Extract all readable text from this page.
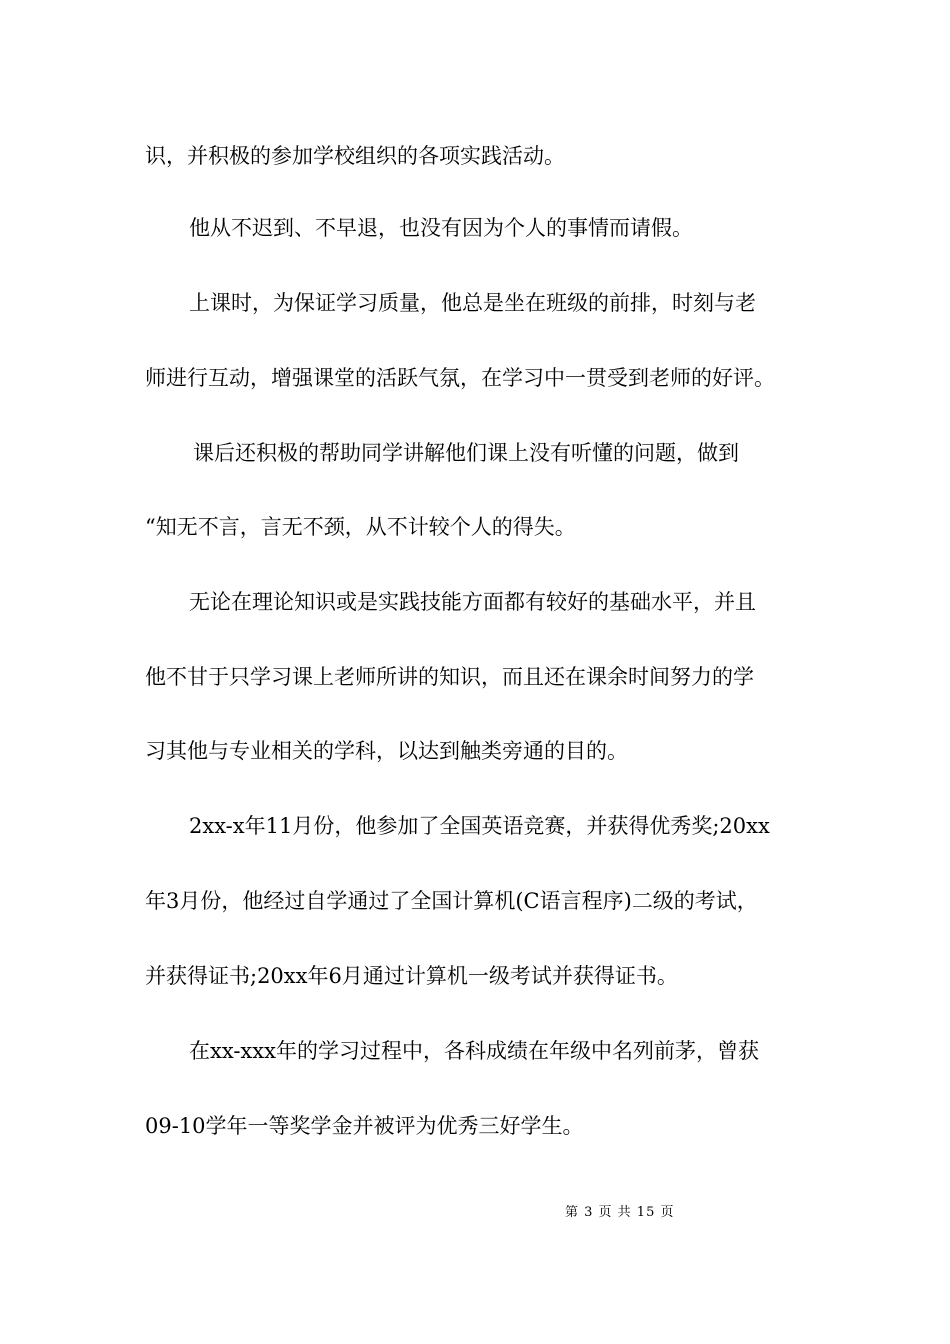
识，并积极的参加学校组织的各项实践活动。
他从不迟到、不早退，也没有因为个人的事情而请假。
上课时，为保证学习质量，他总是坐在班级的前排，时刻与老
师进行互动，增强课堂的活跃气氛，在学习中一贯受到老师的好评。
课后还积极的帮助同学讲解他们课上没有听懂的问题，做到
“知无不言，言无不颈，从不计较个人的得失。
无论在理论知识或是实践技能方面都有较好的基础水平，并且
他不甘于只学习课上老师所讲的知识，而且还在课余时间努力的学
习其他与专业相关的学科，以达到触类旁通的目的。
2xx-x年11月份，他参加了全国英语竞赛，并获得优秀奖;20xx
年3月份，他经过自学通过了全国计算机(C语言程序)二级的考试，
并获得证书;20xx年6月通过计算机一级考试并获得证书。
在xx-xxx年的学习过程中，各科成绩在年级中名列前茅，曾获
09-10学年一等奖学金并被评为优秀三好学生。
第 3 页 共 15 页
